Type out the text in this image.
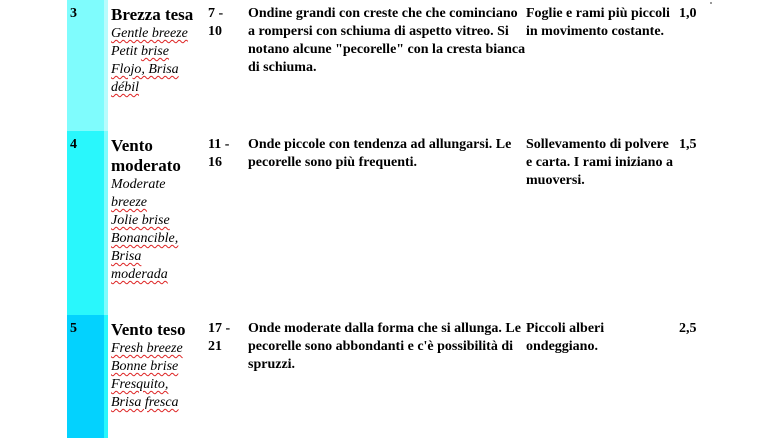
3 Brezza tesa
Gentle breeze
Petit brise
Flojo, Brisa
débil
7 -
10
Ondine grandi con creste che che cominciano a rompersi con schiuma di aspetto vitreo. Si notano alcune "pecorelle" con la cresta bianca di schiuma.
Foglie e rami più piccoli in movimento costante.
1,0
4 Vento moderato
Moderate
breeze
Jolie brise
Bonancible,
Brisa
moderada
11 -
16
Onde piccole con tendenza ad allungarsi. Le pecorelle sono più frequenti.
Sollevamento di polvere e carta. I rami iniziano a muoversi.
1,5
5 Vento teso
Fresh breeze
Bonne brise
Fresquito,
Brisa fresca
17 -
21
Onde moderate dalla forma che si allunga. Le pecorelle sono abbondanti e c'è possibilità di spruzzi.
Piccoli alberi ondeggiano.
2,5
